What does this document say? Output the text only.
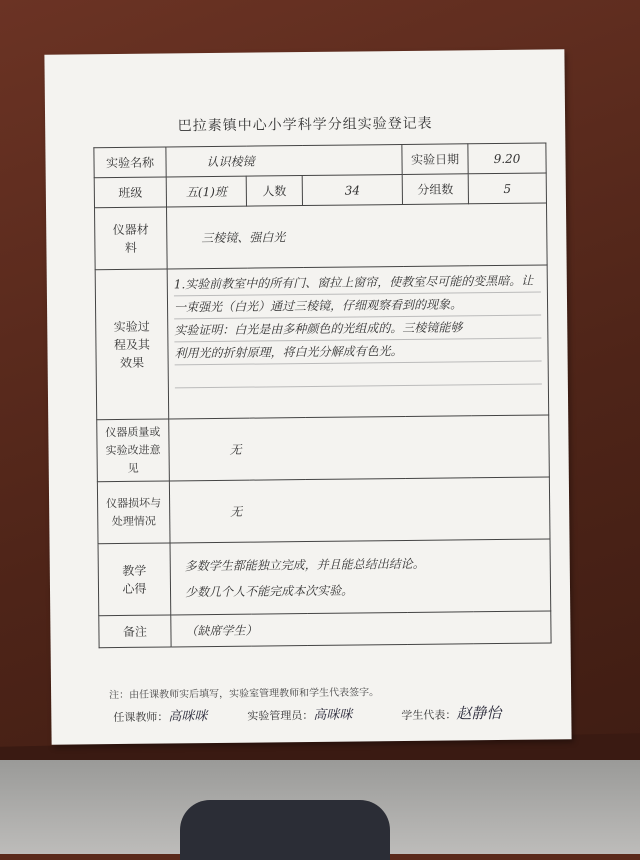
巴拉素镇中心小学科学分组实验登记表
实验名称	认识棱镜			实验日期	9.20
班级	五(1)班	人数	34	分组数	5
仪器材料	三棱镜、强白光				
实验过程及其效果	1.实验前教室中的所有门、窗拉上窗帘，使教室尽可能的变黑暗。让
一束强光（白光）通过三棱镜，仔细观察看到的现象。
实验证明：白光是由多种颜色的光组成的。三棱镜能够
利用光的折射原理，将白光分解成有色光。				

仪器质量或实验改进意见	无				
仪器损坏与处理情况	无				
教学心得	多数学生都能独立完成，并且能总结出结论。
少数几个人不能完成本次实验。				

备注	（缺席学生）				
注：由任课教师实后填写，实验室管理教师和学生代表签字。
任课教师：高咪咪	实验管理员：高咪咪	学生代表：赵静怡
